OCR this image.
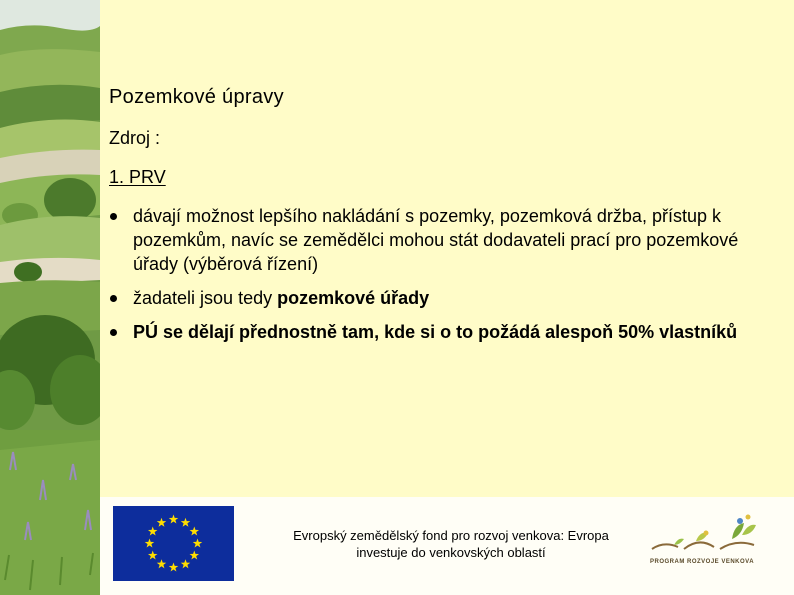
Pozemkové úpravy
Zdroj :
1. PRV
dávají možnost lepšího nakládání s pozemky, pozemková držba, přístup k pozemkům, navíc se zemědělci mohou stát dodavateli prací pro pozemkové úřady (výběrová řízení)
žadateli jsou tedy pozemkové úřady
PÚ se dělají přednostně tam, kde si o to požádá alespoň 50% vlastníků
Evropský zemědělský fond pro rozvoj venkova: Evropa
investuje do venkovských oblastí
PROGRAM ROZVOJE VENKOVA
